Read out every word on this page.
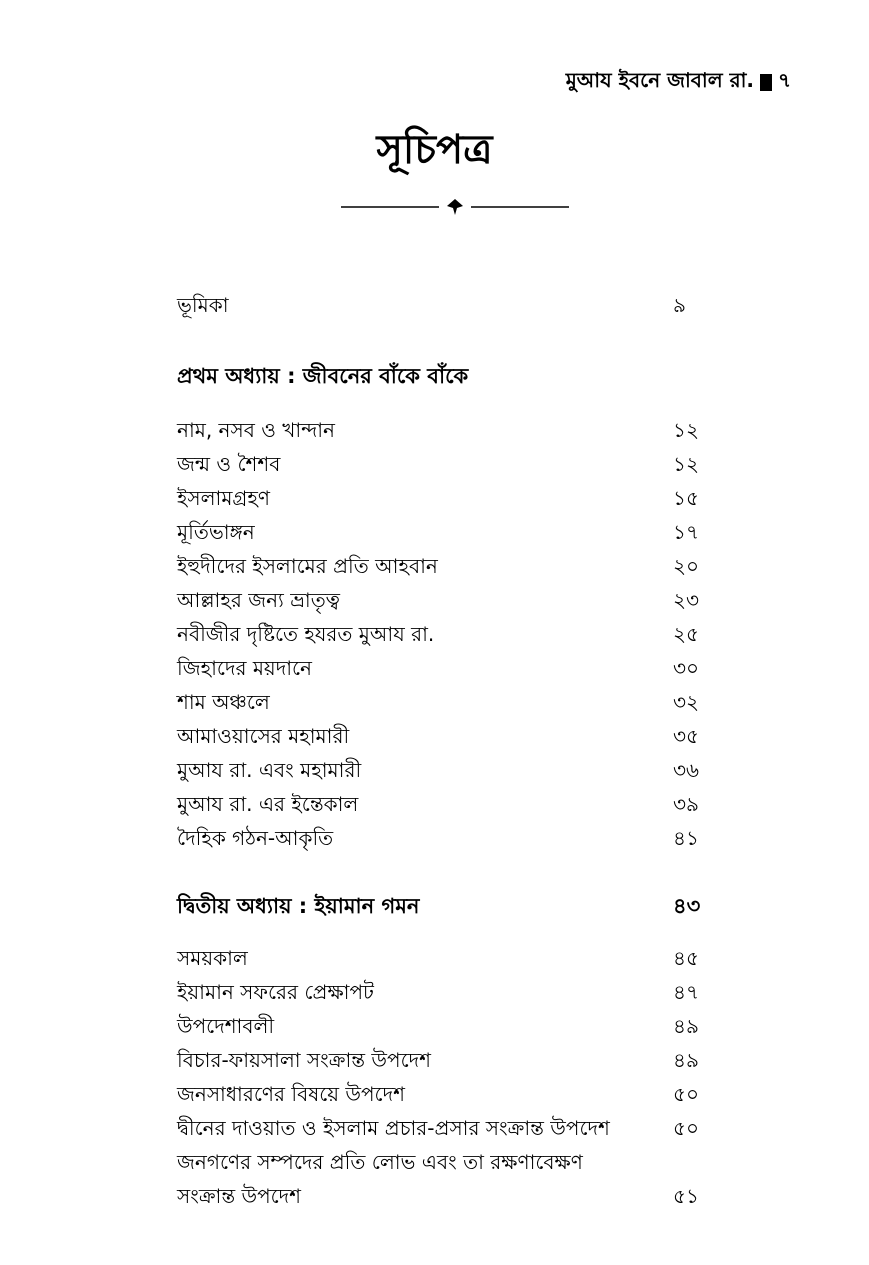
মুআয ইবনে জাবাল রা. ৭
সূচিপত্র
ভূমিকা	৯
প্রথম অধ্যায় : জীবনের বাঁকে বাঁকে
নাম, নসব ও খান্দান	১২
জন্ম ও শৈশব	১২
ইসলামগ্রহণ	১৫
মূর্তিভাঙ্গন	১৭
ইহুদীদের ইসলামের প্রতি আহবান	২০
আল্লাহর জন্য ভ্রাতৃত্ব	২৩
নবীজীর দৃষ্টিতে হযরত মুআয রা.	২৫
জিহাদের ময়দানে	৩০
শাম অঞ্চলে	৩২
আমাওয়াসের মহামারী	৩৫
মুআয রা. এবং মহামারী	৩৬
মুআয রা. এর ইন্তেকাল	৩৯
দৈহিক গঠন-আকৃতি	৪১
দ্বিতীয় অধ্যায় : ইয়ামান গমন	৪৩
সময়কাল	৪৫
ইয়ামান সফরের প্রেক্ষাপট	৪৭
উপদেশাবলী	৪৯
বিচার-ফায়সালা সংক্রান্ত উপদেশ	৪৯
জনসাধারণের বিষয়ে উপদেশ	৫০
দ্বীনের দাওয়াত ও ইসলাম প্রচার-প্রসার সংক্রান্ত উপদেশ	৫০
জনগণের সম্পদের প্রতি লোভ এবং তা রক্ষণাবেক্ষণ
সংক্রান্ত উপদেশ	৫১
